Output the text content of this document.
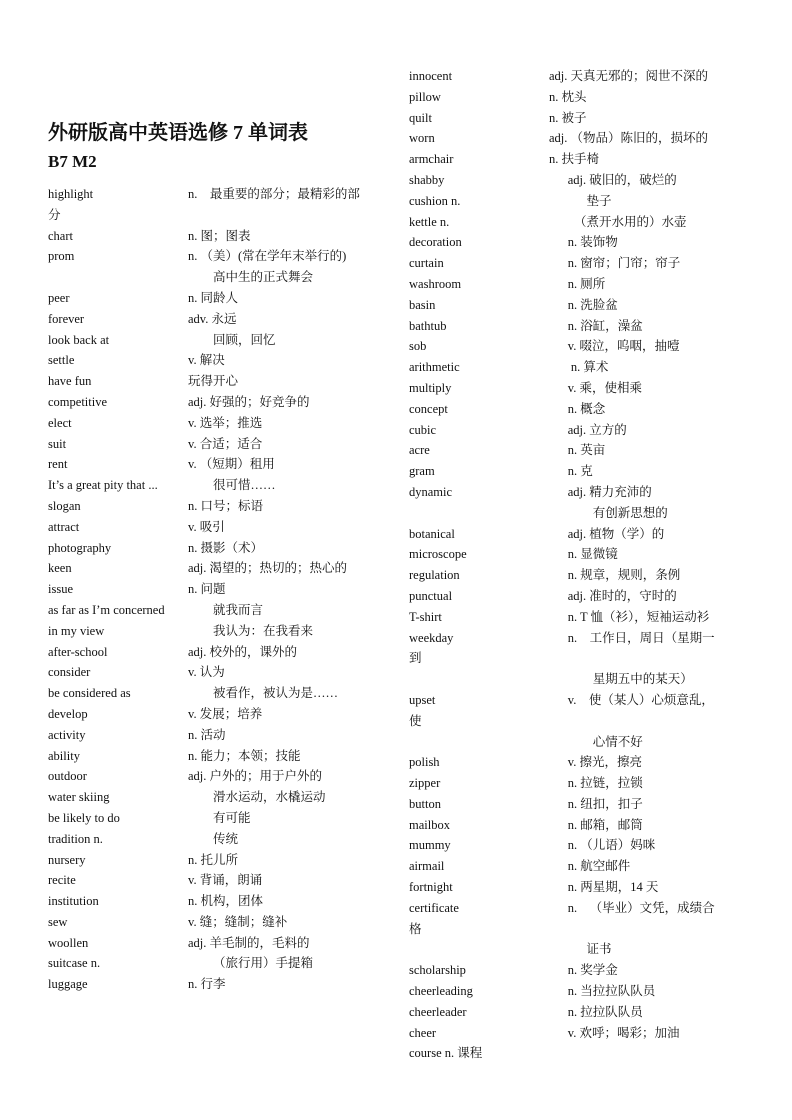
外研版高中英语选修 7 单词表
B7 M2
highlight	n.    最重要的部分；最精彩的部
分
chart	n. 图；图表
prom	n. （美）(常在学年末举行的)
高中生的正式舞会
peer	n. 同龄人
forever	adv. 永远
look back at	回顾，回忆
settle	v. 解决
have fun	玩得开心
competitive	adj. 好强的；好竞争的
elect	v. 选举；推选
suit	v. 合适；适合
rent	v. （短期）租用
It’s a great pity that ... 很可惜……
slogan	n. 口号；标语
attract	v. 吸引
photography	n. 摄影（术）
keen	adj. 渴望的；热切的；热心的
issue	n. 问题
as far as I’m concerned 就我而言
in my view	我认为：在我看来
after-school	adj. 校外的，课外的
consider	v. 认为
be considered as	被看作，被认为是……
develop	v. 发展；培养
activity	n. 活动
ability	n. 能力；本领；技能
outdoor	adj. 户外的；用于户外的
water skiing	滑水运动，水橇运动
be likely to do	有可能
tradition n.	传统
nursery	n. 托儿所
recite	v. 背诵，朗诵
institution	n. 机构，团体
sew	v. 缝；缝制；缝补
woollen	adj. 羊毛制的，毛料的
suitcase n.	（旅行用）手提箱
luggage	n. 行李
innocent	adj. 天真无邪的；阅世不深的
pillow	n. 枕头
quilt	n. 被子
worn	adj. （物品）陈旧的，损坏的
armchair	n. 扶手椅
shabby	adj. 破旧的，破烂的
cushion n.	垫子
kettle n.	（煮开水用的）水壶
decoration	n. 装饰物
curtain	n. 窗帘；门帘；帘子
washroom	n. 厕所
basin	n. 洗脸盆
bathtub	n. 浴缸，澡盆
sob	v. 啜泣，呜咽，抽噎
arithmetic	n. 算术
multiply	v. 乘，使相乘
concept	n. 概念
cubic	adj. 立方的
acre	n. 英亩
gram	n. 克
dynamic	adj. 精力充沛的
有创新思想的
botanical	adj. 植物（学）的
microscope	n. 显微镜
regulation	n. 规章，规则，条例
punctual	adj. 准时的，守时的
T-shirt	n. T 恤（衫），短袖运动衫
weekday	n.    工作日，周日（星期一
到
星期五中的某天）
upset	v.    使（某人）心烦意乱，
使
心情不好
polish	v. 擦光，擦亮
zipper	n. 拉链，拉锁
button	n. 纽扣，扣子
mailbox	n. 邮箱，邮筒
mummy	n. （儿语）妈咪
airmail	n. 航空邮件
fortnight	n. 两星期，14 天
certificate	n.    （毕业）文凭，成绩合
格
证书
scholarship	n. 奖学金
cheerleading	n. 当拉拉队队员
cheerleader	n. 拉拉队队员
cheer	v. 欢呼；喝彩；加油
course n. 课程
